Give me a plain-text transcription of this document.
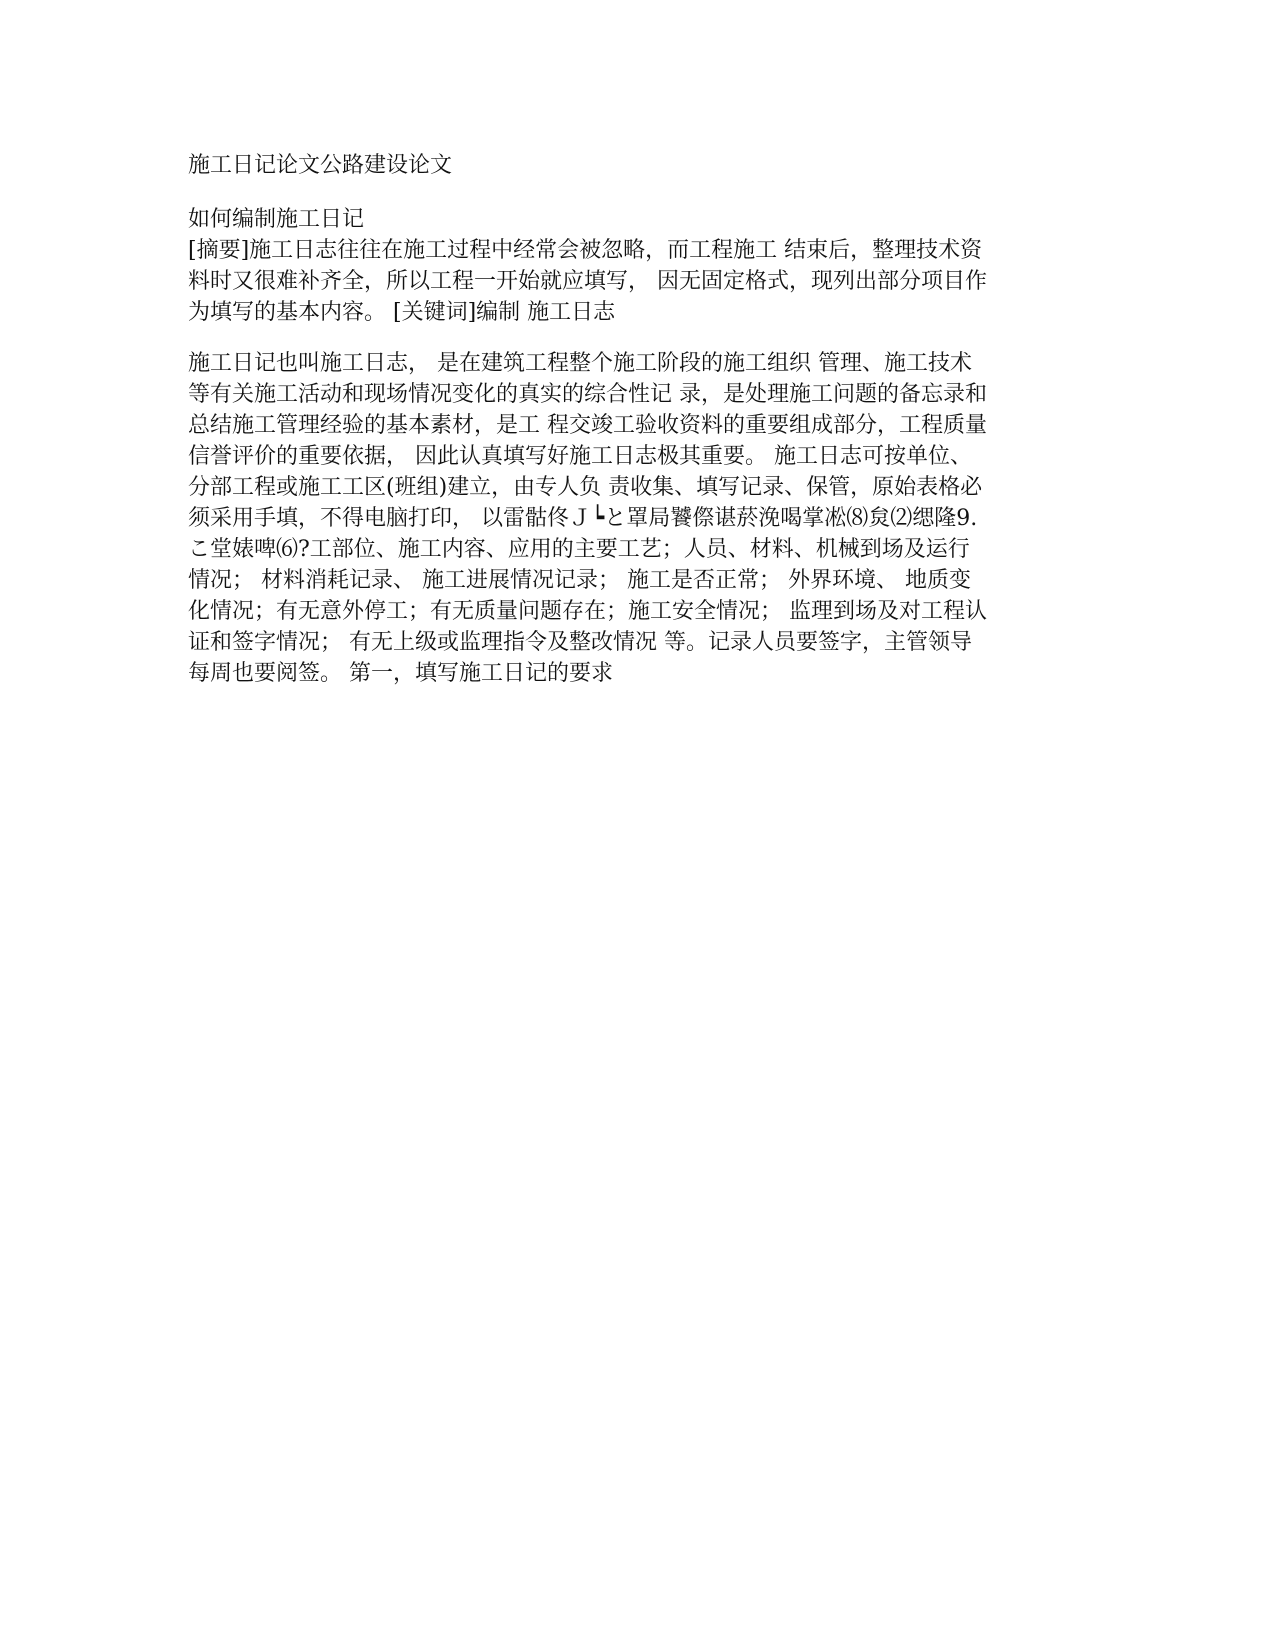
施工日记论文公路建设论文
如何编制施工日记

[摘要]施工日志往往在施工过程中经常会被忽略，而工程施工 结束后，整理技术资

料时又很难补齐全，所以工程一开始就应填写， 因无固定格式，现列出部分项目作

为填写的基本内容。 [关键词]编制 施工日志

施工日记也叫施工日志， 是在建筑工程整个施工阶段的施工组织 管理、施工技术

等有关施工活动和现场情况变化的真实的综合性记 录，是处理施工问题的备忘录和

总结施工管理经验的基本素材，是工 程交竣工验收资料的重要组成部分，工程质量

信誉评价的重要依据， 因此认真填写好施工日志极其重要。 施工日志可按单位、

分部工程或施工工区(班组)建立，由专人负 责收集、填写记录、保管，原始表格必

须采用手填，不得电脑打印， 以雷骷佟Ｊ┕と罩局饕傺谌菸浼喝掌凇⑻炱⑵缌隆9.

こ堂婊啤⑹?工部位、施工内容、应用的主要工艺；人员、材料、机械到场及运行

情况； 材料消耗记录、 施工进展情况记录； 施工是否正常； 外界环境、 地质变

化情况；有无意外停工；有无质量问题存在；施工安全情况； 监理到场及对工程认

证和签字情况； 有无上级或监理指令及整改情况 等。记录人员要签字，主管领导

每周也要阅签。 第一，填写施工日记的要求
